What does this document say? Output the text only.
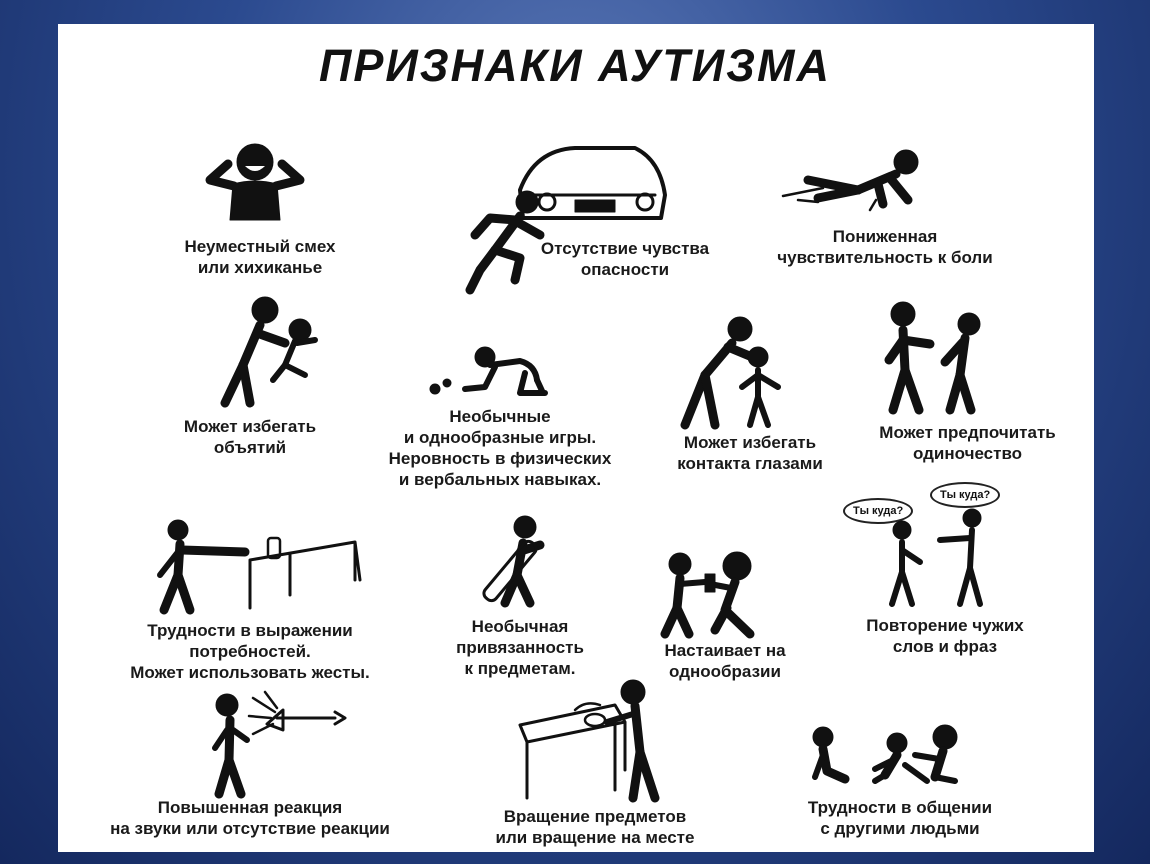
ПРИЗНАКИ АУТИЗМА
Неуместный смех
или хихиканье
Отсутствие чувства
опасности
Пониженная
чувствительность к боли
Может избегать
объятий
Необычные
и однообразные игры.
Неровность в физических
и вербальных навыках.
Может избегать
контакта глазами
Может предпочитать
одиночество
Трудности в выражении
потребностей.
Может использовать жесты.
Необычная
привязанность
к предметам.
Настаивает на
однообразии
Повторение чужих
слов и фраз
Повышенная реакция
на звуки или отсутствие реакции
Вращение предметов
или вращение на месте
Трудности в общении
с другими людьми
Ты куда?
Ты куда?
